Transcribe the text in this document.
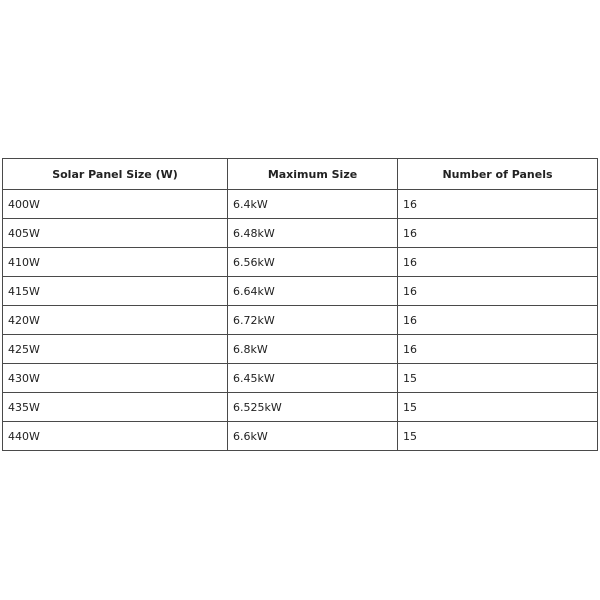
Solar Panel Size (W)	Maximum Size	Number of Panels
400W	6.4kW	16
405W	6.48kW	16
410W	6.56kW	16
415W	6.64kW	16
420W	6.72kW	16
425W	6.8kW	16
430W	6.45kW	15
435W	6.525kW	15
440W	6.6kW	15
